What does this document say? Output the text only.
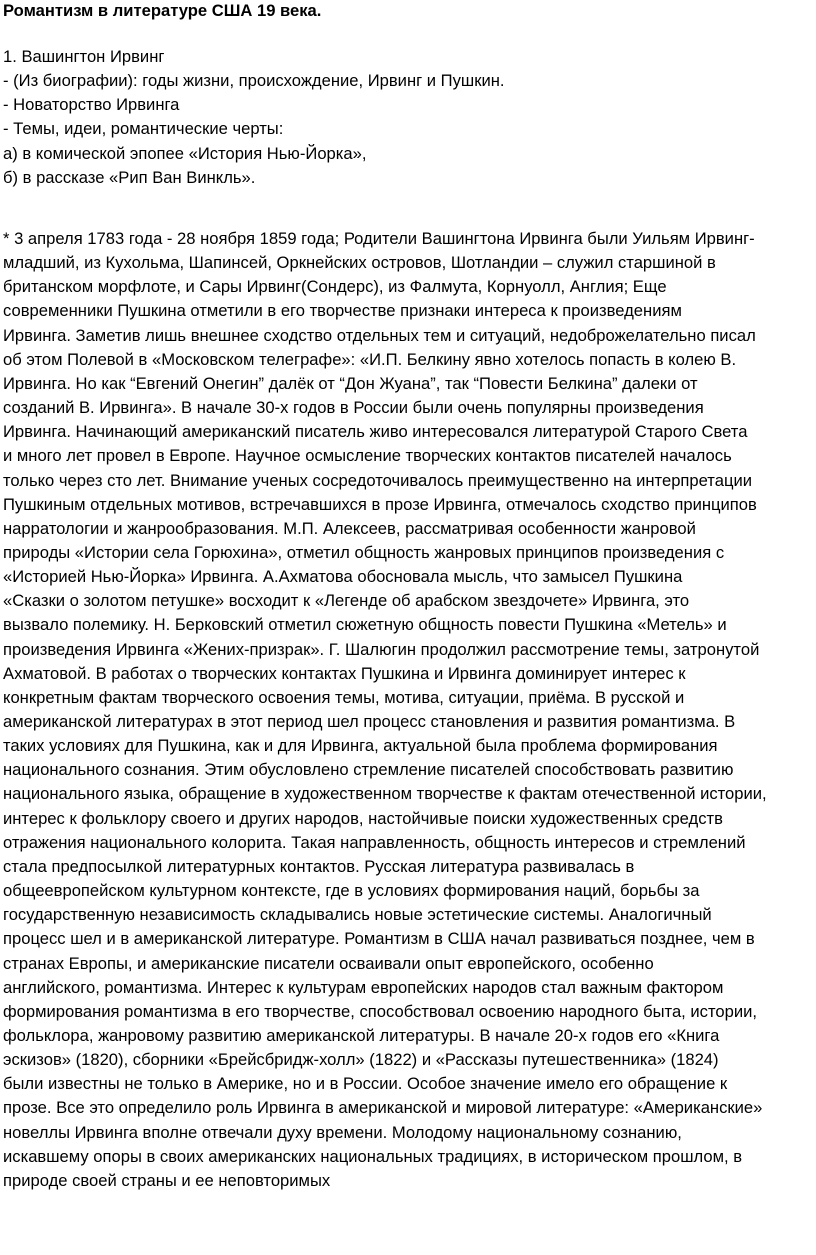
Романтизм в литературе США 19 века.
1. Вашингтон Ирвинг
- (Из биографии): годы жизни, происхождение, Ирвинг и Пушкин.
- Новаторство Ирвинга
- Темы, идеи, романтические черты:
а) в комической эпопее «История Нью-Йорка»,
б) в рассказе «Рип Ван Винкль».
* 3 апреля 1783 года - 28 ноября 1859 года; Родители Вашингтона Ирвинга были Уильям Ирвинг-
младший, из Кухольма, Шапинсей, Оркнейских островов, Шотландии – служил старшиной в
британском морфлоте, и Сары Ирвинг(Сондерс), из Фалмута, Корнуолл, Англия; Еще
современники Пушкина отметили в его творчестве признаки интереса к произведениям
Ирвинга. Заметив лишь внешнее сходство отдельных тем и ситуаций, недоброжелательно писал
об этом Полевой в «Московском телеграфе»: «И.П. Белкину явно хотелось попасть в колею В.
Ирвинга. Но как “Евгений Онегин” далёк от “Дон Жуана”, так “Повести Белкина” далеки от
созданий В. Ирвинга». В начале 30-х годов в России были очень популярны произведения
Ирвинга. Начинающий американский писатель живо интересовался литературой Старого Света
и много лет провел в Европе. Научное осмысление творческих контактов писателей началось
только через сто лет. Внимание ученых сосредоточивалось преимущественно на интерпретации
Пушкиным отдельных мотивов, встречавшихся в прозе Ирвинга, отмечалось сходство принципов
нарратологии и жанрообразования. М.П. Алексеев, рассматривая особенности жанровой
природы «Истории села Горюхина», отметил общность жанровых принципов произведения с
«Историей Нью-Йорка» Ирвинга. А.Ахматова обосновала мысль, что замысел Пушкина
«Сказки о золотом петушке» восходит к «Легенде об арабском звездочете» Ирвинга, это
вызвало полемику. Н. Берковский отметил сюжетную общность повести Пушкина «Метель» и
произведения Ирвинга «Жених-призрак». Г. Шалюгин продолжил рассмотрение темы, затронутой
Ахматовой. В работах о творческих контактах Пушкина и Ирвинга доминирует интерес к
конкретным фактам творческого освоения темы, мотива, ситуации, приёма. В русской и
американской литературах в этот период шел процесс становления и развития романтизма. В
таких условиях для Пушкина, как и для Ирвинга, актуальной была проблема формирования
национального сознания. Этим обусловлено стремление писателей способствовать развитию
национального языка, обращение в художественном творчестве к фактам отечественной истории,
интерес к фольклору своего и других народов, настойчивые поиски художественных средств
отражения национального колорита. Такая направленность, общность интересов и стремлений
стала предпосылкой литературных контактов. Русская литература развивалась в
общеевропейском культурном контексте, где в условиях формирования наций, борьбы за
государственную независимость складывались новые эстетические системы. Аналогичный
процесс шел и в американской литературе. Романтизм в США начал развиваться позднее, чем в
странах Европы, и американские писатели осваивали опыт европейского, особенно
английского, романтизма. Интерес к культурам европейских народов стал важным фактором
формирования романтизма в его творчестве, способствовал освоению народного быта, истории,
фольклора, жанровому развитию американской литературы. В начале 20-х годов его «Книга
эскизов» (1820), сборники «Брейсбридж-холл» (1822) и «Рассказы путешественника» (1824)
были известны не только в Америке, но и в России. Особое значение имело его обращение к
прозе. Все это определило роль Ирвинга в американской и мировой литературе: «Американские»
новеллы Ирвинга вполне отвечали духу времени. Молодому национальному сознанию,
искавшему опоры в своих американских национальных традициях, в историческом прошлом, в
природе своей страны и ее неповторимых
